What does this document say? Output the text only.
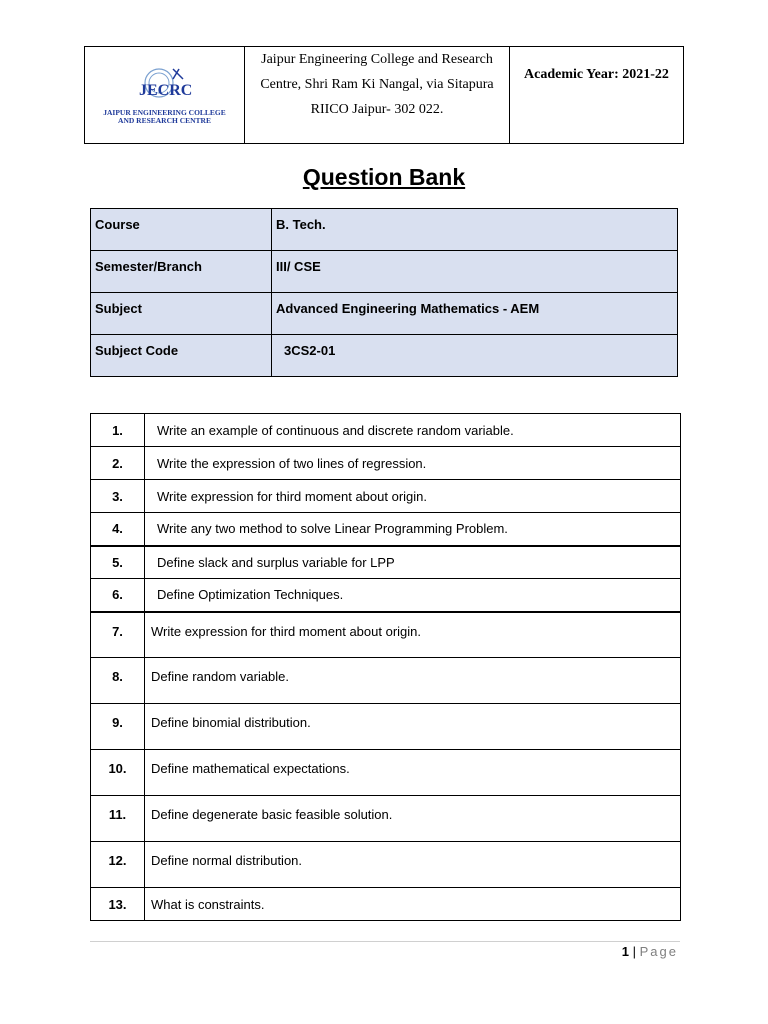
JECRC
JAIPUR ENGINEERING COLLEGE
AND RESEARCH CENTRE

Jaipur Engineering College and Research
Centre, Shri Ram Ki Nangal, via Sitapura
RIICO Jaipur- 302 022.
	Academic Year: 2021-22
Question Bank
Course	B. Tech.
Semester/Branch	III/ CSE
Subject	Advanced Engineering Mathematics - AEM
Subject Code	3CS2-01
1.	Write an example of continuous and discrete random variable.
2.	Write the expression of two lines of regression.
3.	Write expression for third moment about origin.
4.	Write any two method to solve Linear Programming Problem.
5.	Define slack and surplus variable for LPP
6.	Define Optimization Techniques.
7.	Write expression for third moment about origin.
8.	Define random variable.
9.	Define binomial distribution.
10.	Define mathematical expectations.
11.	Define degenerate basic feasible solution.
12.	Define normal distribution.
13.	What is constraints.
1 | Page
